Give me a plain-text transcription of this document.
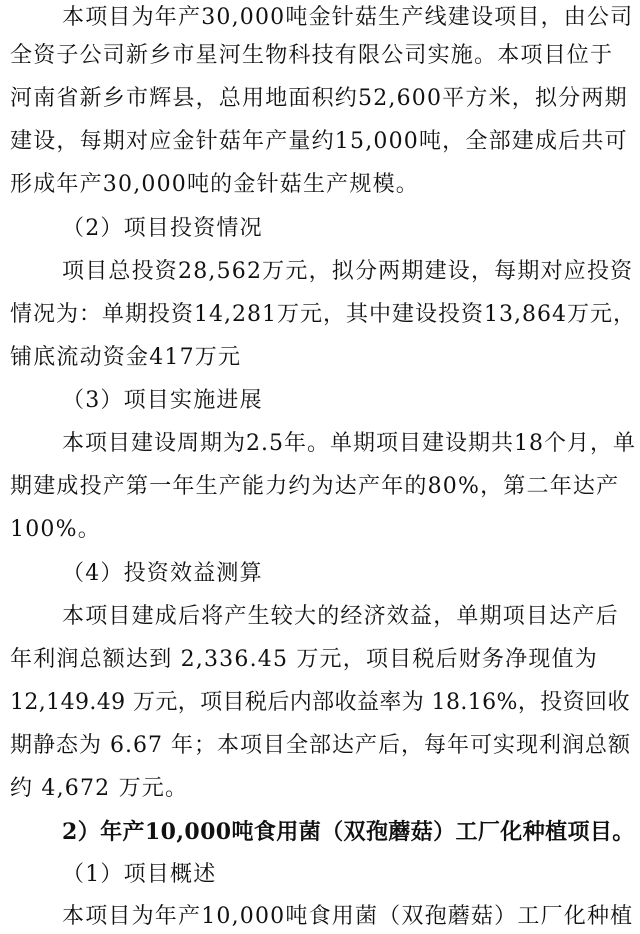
本项目为年产30,000吨金针菇生产线建设项目，由公司
全资子公司新乡市星河生物科技有限公司实施。本项目位于
河南省新乡市辉县，总用地面积约52,600平方米，拟分两期
建设，每期对应金针菇年产量约15,000吨，全部建成后共可
形成年产30,000吨的金针菇生产规模。
（2）项目投资情况
项目总投资28,562万元，拟分两期建设，每期对应投资
情况为：单期投资14,281万元，其中建设投资13,864万元，
铺底流动资金417万元
（3）项目实施进展
本项目建设周期为2.5年。单期项目建设期共18个月，单
期建成投产第一年生产能力约为达产年的80%，第二年达产
100%。
（4）投资效益测算
本项目建成后将产生较大的经济效益，单期项目达产后
年利润总额达到 2,336.45 万元，项目税后财务净现值为
12,149.49 万元，项目税后内部收益率为 18.16%，投资回收
期静态为 6.67 年；本项目全部达产后，每年可实现利润总额
约 4,672 万元。
2）年产10,000吨食用菌（双孢蘑菇）工厂化种植项目。
（1）项目概述
本项目为年产10,000吨食用菌（双孢蘑菇）工厂化种植
